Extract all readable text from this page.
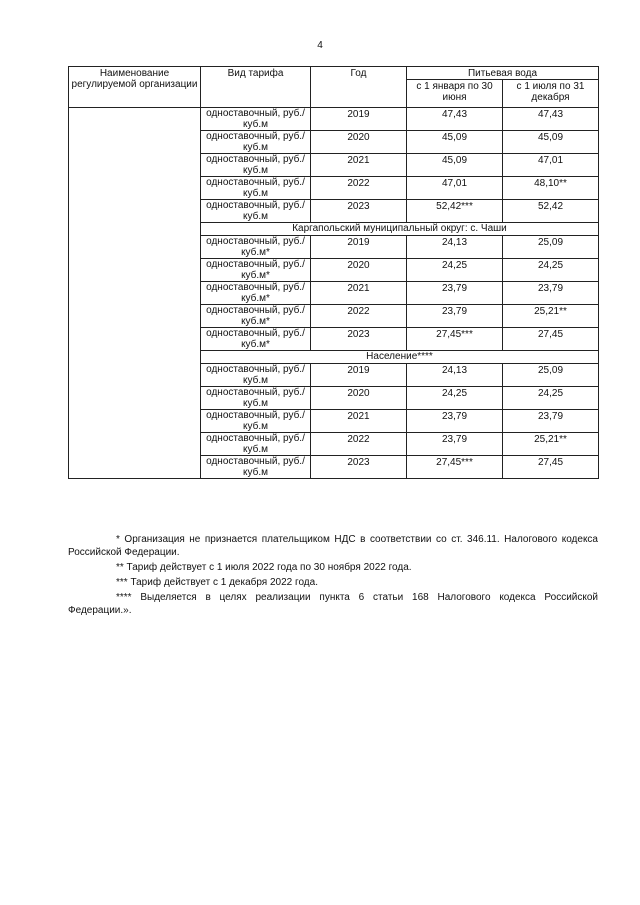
4
Наименование регулируемой организации	Вид тарифа	Год	Питьевая вода	
			с 1 января по 30 июня	с 1 июля по 31 декабря
	одноставочный, руб./куб.м	2019	47,43	47,43
	одноставочный, руб./куб.м	2020	45,09	45,09
	одноставочный, руб./куб.м	2021	45,09	47,01
	одноставочный, руб./куб.м	2022	47,01	48,10**
	одноставочный, руб./куб.м	2023	52,42***	52,42
	Каргапольский муниципальный округ: с. Чаши			
	одноставочный, руб./куб.м*	2019	24,13	25,09
	одноставочный, руб./куб.м*	2020	24,25	24,25
	одноставочный, руб./куб.м*	2021	23,79	23,79
	одноставочный, руб./куб.м*	2022	23,79	25,21**
	одноставочный, руб./куб.м*	2023	27,45***	27,45
	Население****			
	одноставочный, руб./куб.м	2019	24,13	25,09
	одноставочный, руб./куб.м	2020	24,25	24,25
	одноставочный, руб./куб.м	2021	23,79	23,79
	одноставочный, руб./куб.м	2022	23,79	25,21**
	одноставочный, руб./куб.м	2023	27,45***	27,45

* Организация не признается плательщиком НДС в соответствии со ст. 346.11. Налогового кодекса Российской Федерации.

** Тариф действует с 1 июля 2022 года по 30 ноября 2022 года.

*** Тариф действует с 1 декабря 2022 года.

**** Выделяется в целях реализации пункта 6 статьи 168 Налогового кодекса Российской Федерации.».
